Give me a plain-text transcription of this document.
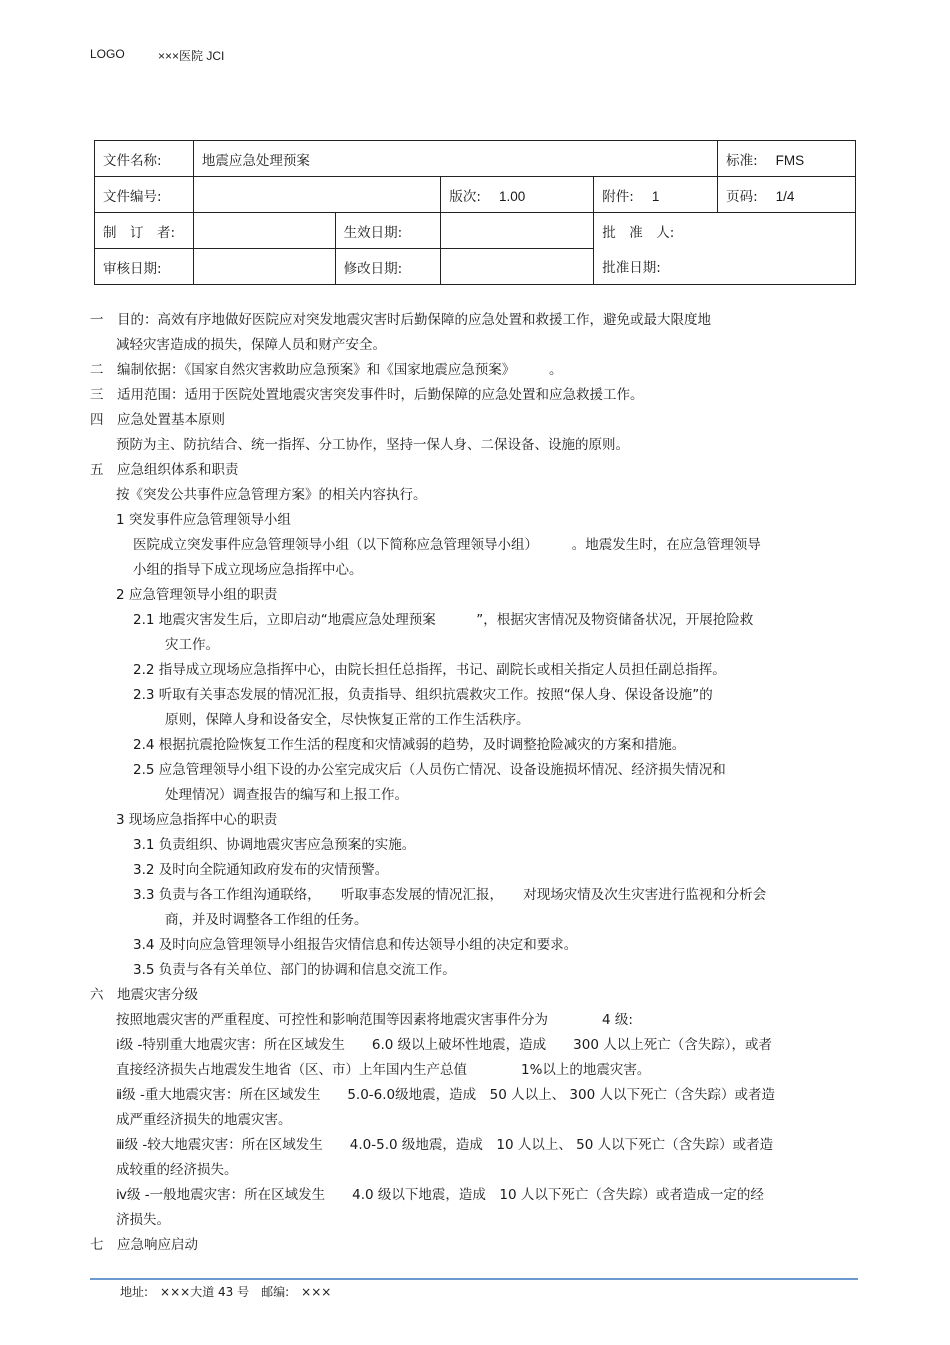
LOGO	×××医院 JCI
文件名称:	地震应急处理预案				标准: FMS
文件编号:			版次: 1.00	附件: 1	页码: 1/4
制　订　者:		生效日期:		批　准　人:	
审核日期:		修改日期:		批准日期:	
一　目的：高效有序地做好医院应对突发地震灾害时后勤保障的应急处置和救援工作，避免或最大限度地
减轻灾害造成的损失，保障人员和财产安全。
二　编制依据：《国家自然灾害救助应急预案》和《国家地震应急预案》　　　。
三　适用范围：适用于医院处置地震灾害突发事件时，后勤保障的应急处置和应急救援工作。
四　应急处置基本原则
预防为主、防抗结合、统一指挥、分工协作，坚持一保人身、二保设备、设施的原则。
五　应急组织体系和职责
按《突发公共事件应急管理方案》的相关内容执行。
1 突发事件应急管理领导小组
医院成立突发事件应急管理领导小组（以下简称应急管理领导小组）　　　。地震发生时，在应急管理领导
小组的指导下成立现场应急指挥中心。
2 应急管理领导小组的职责
2.1 地震灾害发生后，立即启动“地震应急处理预案　　　”，根据灾害情况及物资储备状况，开展抢险救
灾工作。
2.2 指导成立现场应急指挥中心，由院长担任总指挥，书记、副院长或相关指定人员担任副总指挥。
2.3 听取有关事态发展的情况汇报，负责指导、组织抗震救灾工作。按照“保人身、保设备设施”的
原则，保障人身和设备安全，尽快恢复正常的工作生活秩序。
2.4 根据抗震抢险恢复工作生活的程度和灾情减弱的趋势，及时调整抢险减灾的方案和措施。
2.5 应急管理领导小组下设的办公室完成灾后（人员伤亡情况、设备设施损坏情况、经济损失情况和
处理情况）调查报告的编写和上报工作。
3 现场应急指挥中心的职责
3.1 负责组织、协调地震灾害应急预案的实施。
3.2 及时向全院通知政府发布的灾情预警。
3.3 负责与各工作组沟通联络，　　听取事态发展的情况汇报，　　对现场灾情及次生灾害进行监视和分析会
商，并及时调整各工作组的任务。
3.4 及时向应急管理领导小组报告灾情信息和传达领导小组的决定和要求。
3.5 负责与各有关单位、部门的协调和信息交流工作。
六　地震灾害分级
按照地震灾害的严重程度、可控性和影响范围等因素将地震灾害事件分为　　　　4 级:
ⅰ级 -特别重大地震灾害：所在区域发生　　6.0 级以上破坏性地震，造成　　300 人以上死亡（含失踪），或者
直接经济损失占地震发生地省（区、市）上年国内生产总值　　　　1%以上的地震灾害。
ⅱ级 -重大地震灾害：所在区域发生　　5.0-6.0级地震，造成　50 人以上、 300 人以下死亡（含失踪）或者造
成严重经济损失的地震灾害。
ⅲ级 -较大地震灾害：所在区域发生　　4.0-5.0 级地震，造成　10 人以上、 50 人以下死亡（含失踪）或者造
成较重的经济损失。
ⅳ级 -一般地震灾害：所在区域发生　　4.0 级以下地震，造成　10 人以下死亡（含失踪）或者造成一定的经
济损失。
七　应急响应启动
地址:　×××大道 43 号　邮编:　×××
